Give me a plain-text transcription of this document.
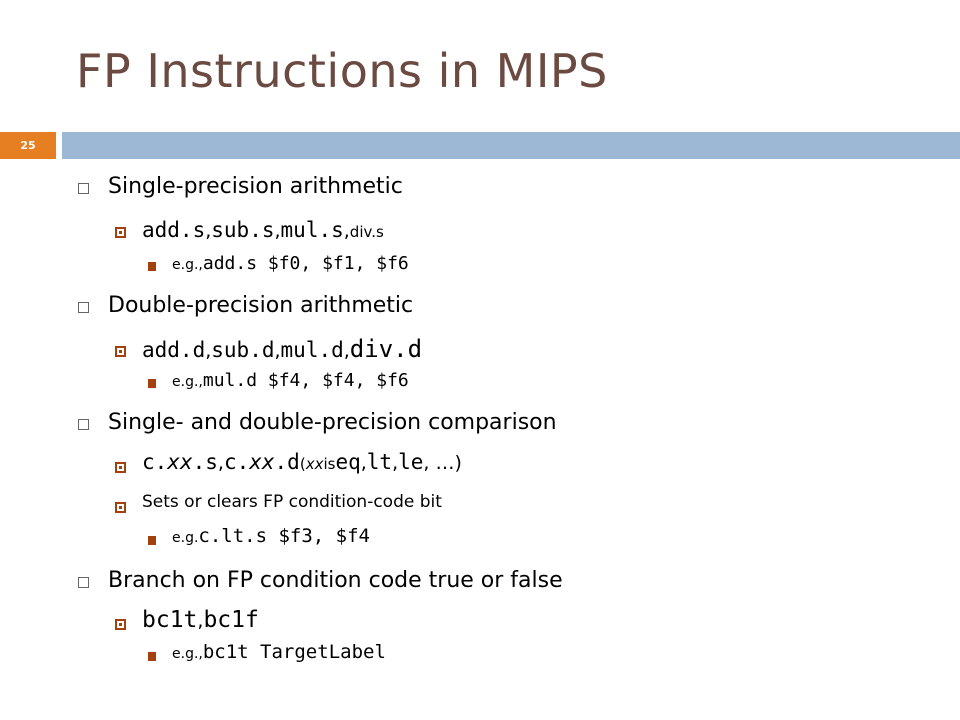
FP Instructions in MIPS
25
Single-precision arithmetic
add.s , sub.s , mul.s , div.s
e.g., add.s $f0, $f1, $f6
Double-precision arithmetic
add.d , sub.d , mul.d , div.d
e.g., mul.d $f4, $f4, $f6
Single- and double-precision comparison
c.xx.s , c.xx.d ( xx is eq , lt , le , …)
Sets or clears FP condition-code bit
e.g. c.lt.s $f3, $f4
Branch on FP condition code true or false
bc1t , bc1f
e.g., bc1t TargetLabel
